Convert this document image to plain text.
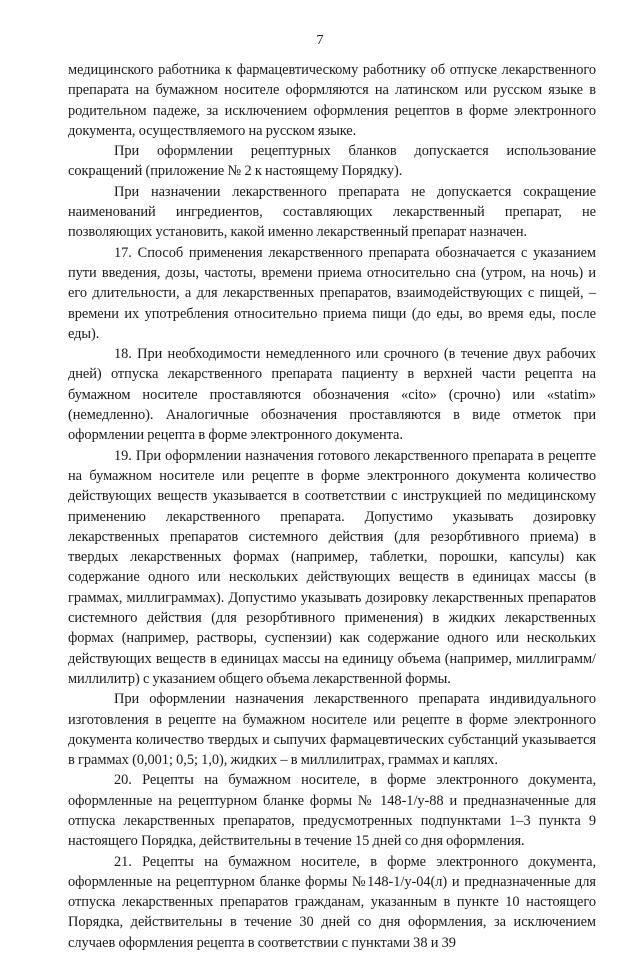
7

медицинского работника к фармацевтическому работнику об отпуске лекарственного препарата на бумажном носителе оформляются на латинском или русском языке в родительном падеже, за исключением оформления рецептов в форме электронного документа, осуществляемого на русском языке.

При оформлении рецептурных бланков допускается использование сокращений (приложение № 2 к настоящему Порядку).

При назначении лекарственного препарата не допускается сокращение наименований ингредиентов, составляющих лекарственный препарат, не позволяющих установить, какой именно лекарственный препарат назначен.

17. Способ применения лекарственного препарата обозначается с указанием пути введения, дозы, частоты, времени приема относительно сна (утром, на ночь) и его длительности, а для лекарственных препаратов, взаимодействующих с пищей, – времени их употребления относительно приема пищи (до еды, во время еды, после еды).

18. При необходимости немедленного или срочного (в течение двух рабочих дней) отпуска лекарственного препарата пациенту в верхней части рецепта на бумажном носителе проставляются обозначения «cito» (срочно) или «statim» (немедленно). Аналогичные обозначения проставляются в виде отметок при оформлении рецепта в форме электронного документа.

19. При оформлении назначения готового лекарственного препарата в рецепте на бумажном носителе или рецепте в форме электронного документа количество действующих веществ указывается в соответствии с инструкцией по медицинскому применению лекарственного препарата. Допустимо указывать дозировку лекарственных препаратов системного действия (для резорбтивного приема) в твердых лекарственных формах (например, таблетки, порошки, капсулы) как содержание одного или нескольких действующих веществ в единицах массы (в граммах, миллиграммах). Допустимо указывать дозировку лекарственных препаратов системного действия (для резорбтивного применения) в жидких лекарственных формах (например, растворы, суспензии) как содержание одного или нескольких действующих веществ в единицах массы на единицу объема (например, миллиграмм/миллилитр) с указанием общего объема лекарственной формы.

При оформлении назначения лекарственного препарата индивидуального изготовления в рецепте на бумажном носителе или рецепте в форме электронного документа количество твердых и сыпучих фармацевтических субстанций указывается в граммах (0,001; 0,5; 1,0), жидких – в миллилитрах, граммах и каплях.

20. Рецепты на бумажном носителе, в форме электронного документа, оформленные на рецептурном бланке формы № 148-1/у-88 и предназначенные для отпуска лекарственных препаратов, предусмотренных подпунктами 1–3 пункта 9 настоящего Порядка, действительны в течение 15 дней со дня оформления.

21. Рецепты на бумажном носителе, в форме электронного документа, оформленные на рецептурном бланке формы №148-1/у-04(л) и предназначенные для отпуска лекарственных препаратов гражданам, указанным в пункте 10 настоящего Порядка, действительны в течение 30 дней со дня оформления, за исключением случаев оформления рецепта в соответствии с пунктами 38 и 39
